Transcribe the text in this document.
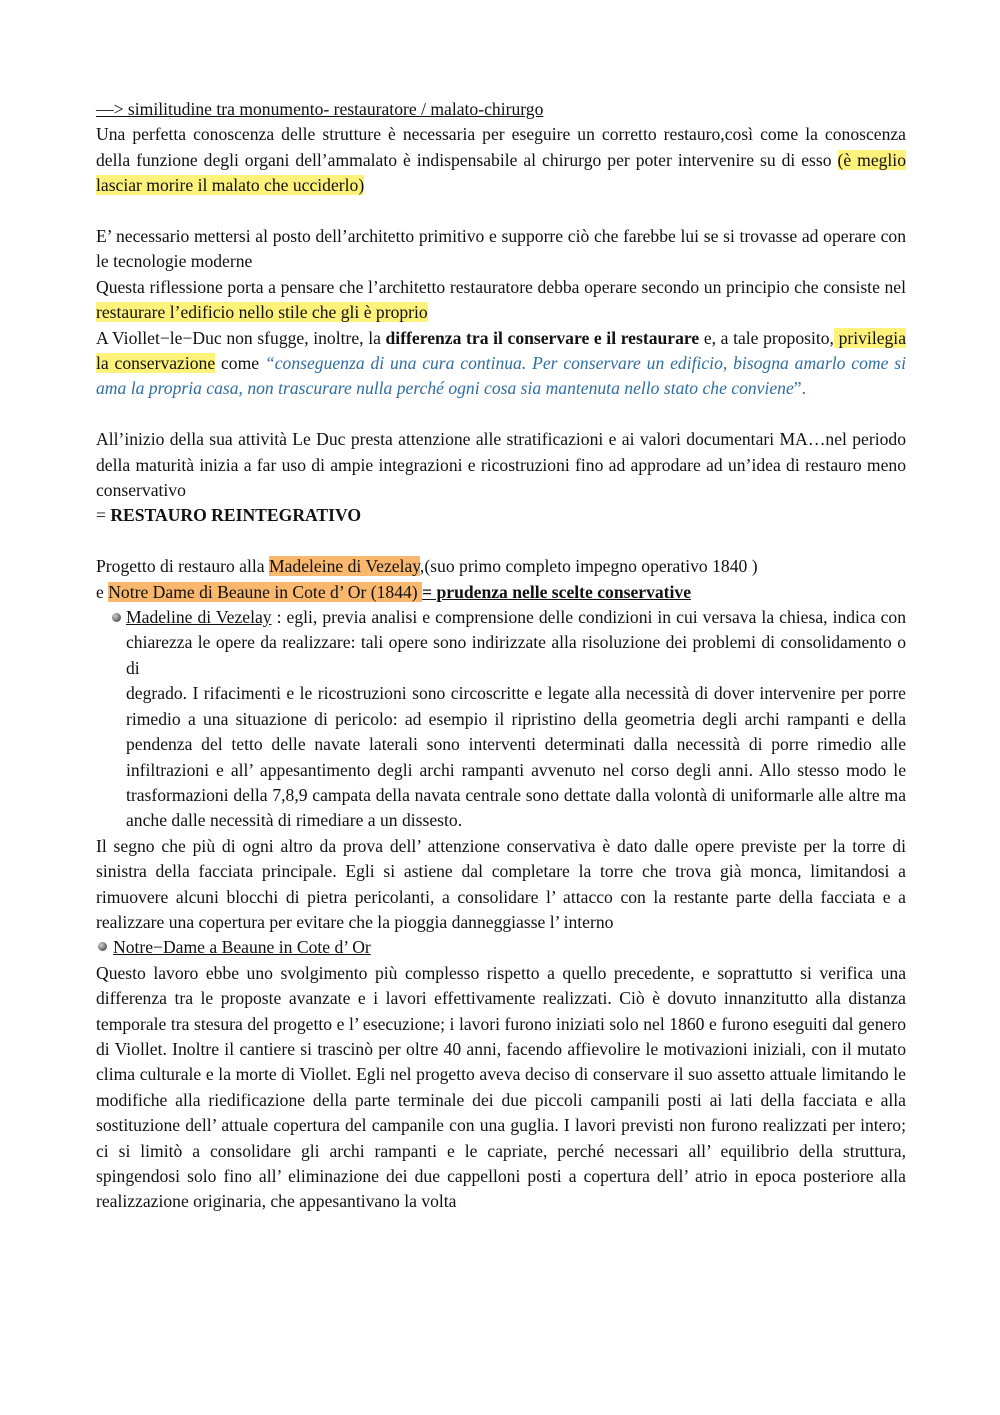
—> similitudine tra monumento- restauratore / malato-chirurgo

Una perfetta conoscenza delle strutture è necessaria per eseguire un corretto restauro,così come la conoscenza della funzione degli organi dell’ammalato è indispensabile al chirurgo per poter intervenire su di esso (è meglio lasciar morire il malato che ucciderlo)

E’ necessario mettersi al posto dell’architetto primitivo e supporre ciò che farebbe lui se si trovasse ad operare con le tecnologie moderne

Questa riflessione porta a pensare che l’architetto restauratore debba operare secondo un principio che consiste nel restaurare l’edificio nello stile che gli è proprio

A Viollet−le−Duc non sfugge, inoltre, la differenza tra il conservare e il restaurare e, a tale proposito, privilegia la conservazione come “conseguenza di una cura continua. Per conservare un edificio, bisogna amarlo come si ama la propria casa, non trascurare nulla perché ogni cosa sia mantenuta nello stato che conviene”.

All’inizio della sua attività Le Duc presta attenzione alle stratificazioni e ai valori documentari MA…nel periodo della maturità inizia a far uso di ampie integrazioni e ricostruzioni fino ad approdare ad un’idea di restauro meno conservativo

= RESTAURO REINTEGRATIVO

Progetto di restauro alla Madeleine di Vezelay,(suo primo completo impegno operativo 1840 )

e Notre Dame di Beaune in Cote d’ Or (1844) = prudenza nelle scelte conservative

Madeline di Vezelay : egli, previa analisi e comprensione delle condizioni in cui versava la chiesa, indica con chiarezza le opere da realizzare: tali opere sono indirizzate alla risoluzione dei problemi di consolidamento o di

degrado. I rifacimenti e le ricostruzioni sono circoscritte e legate alla necessità di dover intervenire per porre rimedio a una situazione di pericolo: ad esempio il ripristino della geometria degli archi rampanti e della pendenza del tetto delle navate laterali sono interventi determinati dalla necessità di porre rimedio alle infiltrazioni e all’ appesantimento degli archi rampanti avvenuto nel corso degli anni. Allo stesso modo le trasformazioni della 7,8,9 campata della navata centrale sono dettate dalla volontà di uniformarle alle altre ma anche dalle necessità di rimediare a un dissesto.

Il segno che più di ogni altro da prova dell’ attenzione conservativa è dato dalle opere previste per la torre di sinistra della facciata principale. Egli si astiene dal completare la torre che trova già monca, limitandosi a rimuovere alcuni blocchi di pietra pericolanti, a consolidare l’ attacco con la restante parte della facciata e a realizzare una copertura per evitare che la pioggia danneggiasse l’ interno

Notre−Dame a Beaune in Cote d’ Or

Questo lavoro ebbe uno svolgimento più complesso rispetto a quello precedente, e soprattutto si verifica una differenza tra le proposte avanzate e i lavori effettivamente realizzati. Ciò è dovuto innanzitutto alla distanza temporale tra stesura del progetto e l’ esecuzione; i lavori furono iniziati solo nel 1860 e furono eseguiti dal genero di Viollet. Inoltre il cantiere si trascinò per oltre 40 anni, facendo affievolire le motivazioni iniziali, con il mutato clima culturale e la morte di Viollet. Egli nel progetto aveva deciso di conservare il suo assetto attuale limitando le modifiche alla riedificazione della parte terminale dei due piccoli campanili posti ai lati della facciata e alla sostituzione dell’ attuale copertura del campanile con una guglia. I lavori previsti non furono realizzati per intero; ci si limitò a consolidare gli archi rampanti e le capriate, perché necessari all’ equilibrio della struttura, spingendosi solo fino all’ eliminazione dei due cappelloni posti a copertura dell’ atrio in epoca posteriore alla realizzazione originaria, che appesantivano la volta
